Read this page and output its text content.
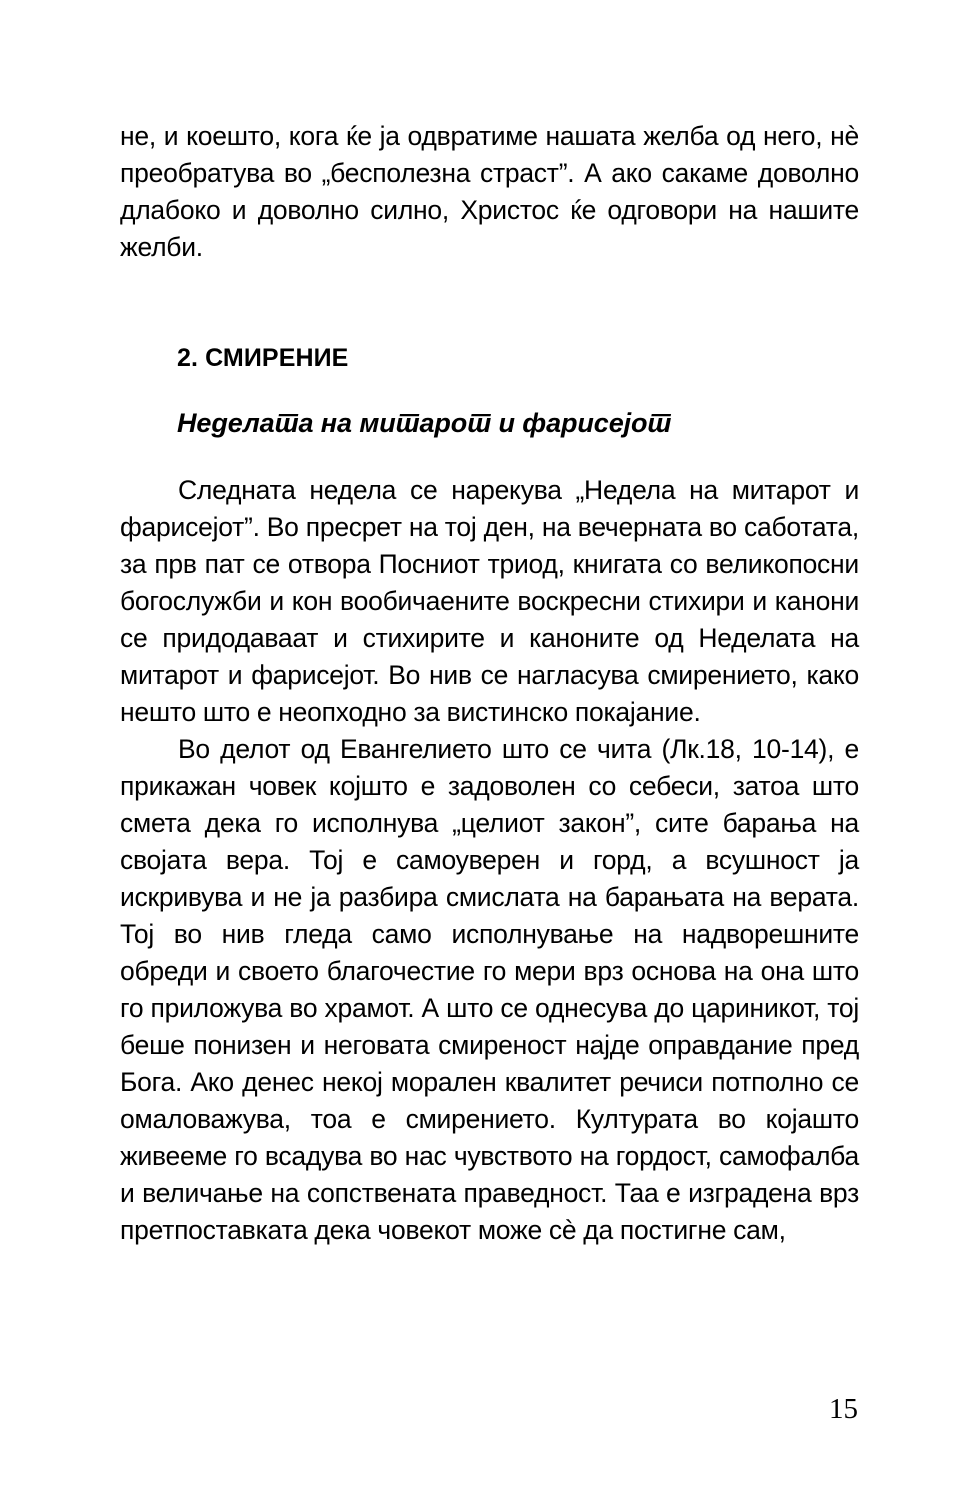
не, и коешто, кога ќе ја одвратиме нашата желба од него, нè преобратува во „бесполезна страст”. А ако сакаме доволно длабоко и доволно силно, Христос ќе одговори на нашите желби.

2. СМИРЕНИЕ
Неделата на митарот и фарисејот

Следната недела се нарекува „Недела на митарот и фарисејот”. Во пресрет на тој ден, на вечерната во саботата, за прв пат се отвора Посниот триод, книгата со великопосни богослужби и кон вообичаените воскресни стихири и канони се придодаваат и стихирите и каноните од Неделата на митарот и фарисејот. Во нив се нагласува смирението, како нешто што е неопходно за вистинско покајание.

Во делот од Евангелието што се чита (Лк.18, 10-14), е прикажан човек којшто е задоволен со себеси, затоа што смета дека го исполнува „целиот закон”, сите барања на својата вера. Тој е самоуверен и горд, а всушност ја искривува и не ја разбира смислата на барањата на верата. Тој во нив гледа само исполнување на надворешните обреди и своето благочестие го мери врз основа на она што го приложува во храмот. А што се однесува до цариникот, тој беше понизен и неговата смиреност најде оправдание пред Бога. Ако денес некој морален квалитет речиси потполно се омаловажува, тоа е смирението. Културата во којашто живееме го всадува во нас чувството на гордост, самофалба и величање на сопствената праведност. Таа е изградена врз претпоставката дека човекот може сè да постигне сам,

15
